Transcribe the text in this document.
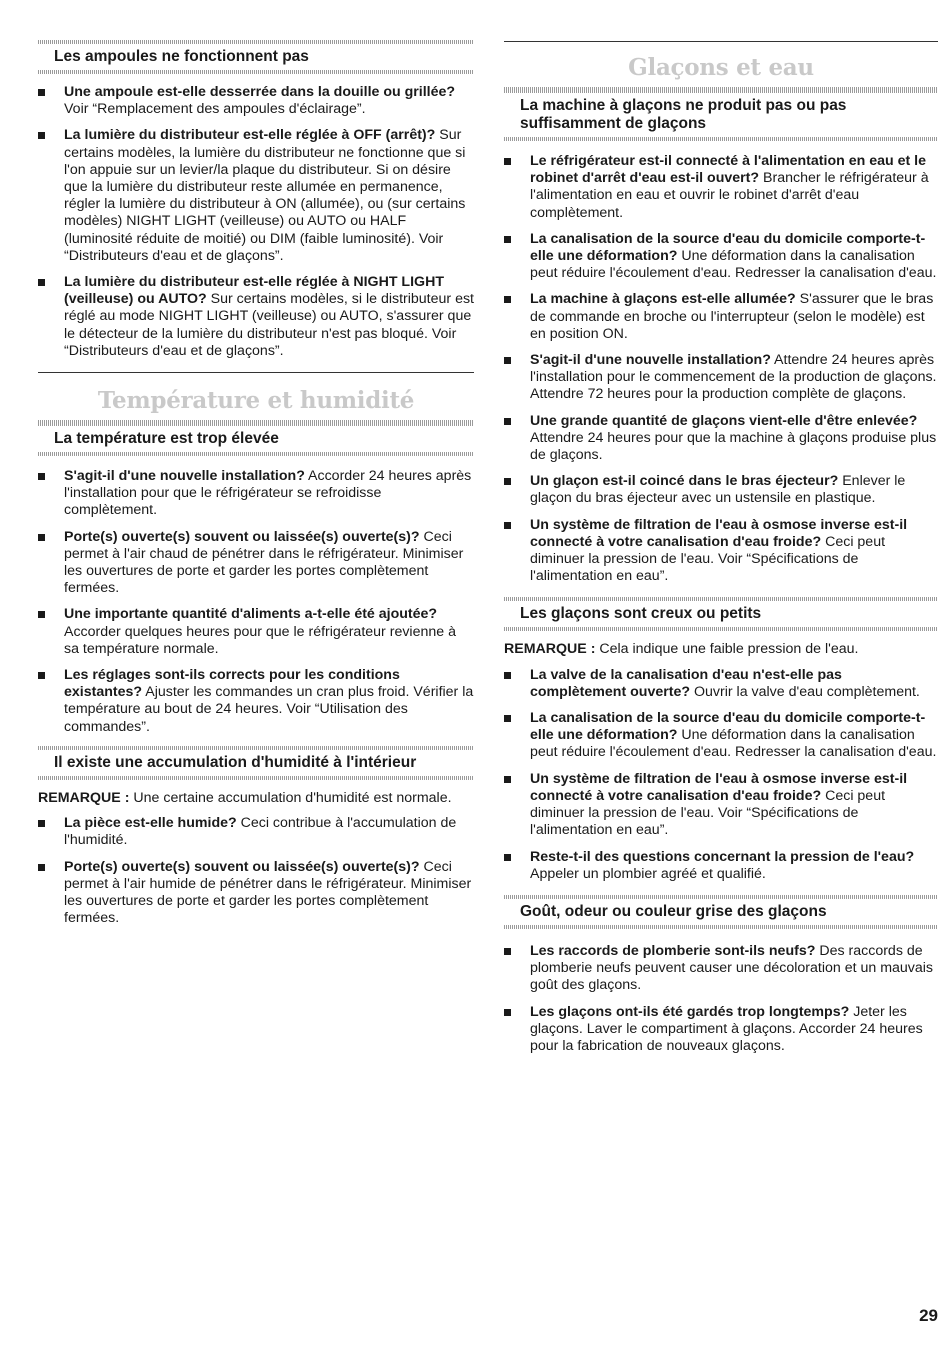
Les ampoules ne fonctionnent pas
Une ampoule est-elle desserrée dans la douille ou grillée? Voir “Remplacement des ampoules d'éclairage”.
La lumière du distributeur est-elle réglée à OFF (arrêt)? Sur certains modèles, la lumière du distributeur ne fonctionne que si l'on appuie sur un levier/la plaque du distributeur. Si on désire que la lumière du distributeur reste allumée en permanence, régler la lumière du distributeur à ON (allumée), ou (sur certains modèles) NIGHT LIGHT (veilleuse) ou AUTO ou HALF (luminosité réduite de moitié) ou DIM (faible luminosité). Voir “Distributeurs d'eau et de glaçons”.
La lumière du distributeur est-elle réglée à NIGHT LIGHT (veilleuse) ou AUTO? Sur certains modèles, si le distributeur est réglé au mode NIGHT LIGHT (veilleuse) ou AUTO, s'assurer que le détecteur de la lumière du distributeur n'est pas bloqué. Voir “Distributeurs d'eau et de glaçons”.
Température et humidité
La température est trop élevée
S'agit-il d'une nouvelle installation? Accorder 24 heures après l'installation pour que le réfrigérateur se refroidisse complètement.
Porte(s) ouverte(s) souvent ou laissée(s) ouverte(s)? Ceci permet à l'air chaud de pénétrer dans le réfrigérateur. Minimiser les ouvertures de porte et garder les portes complètement fermées.
Une importante quantité d'aliments a-t-elle été ajoutée? Accorder quelques heures pour que le réfrigérateur revienne à sa température normale.
Les réglages sont-ils corrects pour les conditions existantes? Ajuster les commandes un cran plus froid. Vérifier la température au bout de 24 heures. Voir “Utilisation des commandes”.
Il existe une accumulation d'humidité à l'intérieur

REMARQUE : Une certaine accumulation d'humidité est normale.

La pièce est-elle humide? Ceci contribue à l'accumulation de l'humidité.
Porte(s) ouverte(s) souvent ou laissée(s) ouverte(s)? Ceci permet à l'air humide de pénétrer dans le réfrigérateur. Minimiser les ouvertures de porte et garder les portes complètement fermées.
Glaçons et eau
La machine à glaçons ne produit pas ou pas suffisamment de glaçons
Le réfrigérateur est-il connecté à l'alimentation en eau et le robinet d'arrêt d'eau est-il ouvert? Brancher le réfrigérateur à l'alimentation en eau et ouvrir le robinet d'arrêt d'eau complètement.
La canalisation de la source d'eau du domicile comporte-t-elle une déformation? Une déformation dans la canalisation peut réduire l'écoulement d'eau. Redresser la canalisation d'eau.
La machine à glaçons est-elle allumée? S'assurer que le bras de commande en broche ou l'interrupteur (selon le modèle) est en position ON.
S'agit-il d'une nouvelle installation? Attendre 24 heures après l'installation pour le commencement de la production de glaçons. Attendre 72 heures pour la production complète de glaçons.
Une grande quantité de glaçons vient-elle d'être enlevée? Attendre 24 heures pour que la machine à glaçons produise plus de glaçons.
Un glaçon est-il coincé dans le bras éjecteur? Enlever le glaçon du bras éjecteur avec un ustensile en plastique.
Un système de filtration de l'eau à osmose inverse est-il connecté à votre canalisation d'eau froide? Ceci peut diminuer la pression de l'eau. Voir “Spécifications de l'alimentation en eau”.
Les glaçons sont creux ou petits

REMARQUE : Cela indique une faible pression de l'eau.

La valve de la canalisation d'eau n'est-elle pas complètement ouverte? Ouvrir la valve d'eau complètement.
La canalisation de la source d'eau du domicile comporte-t-elle une déformation? Une déformation dans la canalisation peut réduire l'écoulement d'eau. Redresser la canalisation d'eau.
Un système de filtration de l'eau à osmose inverse est-il connecté à votre canalisation d'eau froide? Ceci peut diminuer la pression de l'eau. Voir “Spécifications de l'alimentation en eau”.
Reste-t-il des questions concernant la pression de l'eau? Appeler un plombier agréé et qualifié.
Goût, odeur ou couleur grise des glaçons
Les raccords de plomberie sont-ils neufs? Des raccords de plomberie neufs peuvent causer une décoloration et un mauvais goût des glaçons.
Les glaçons ont-ils été gardés trop longtemps? Jeter les glaçons. Laver le compartiment à glaçons. Accorder 24 heures pour la fabrication de nouveaux glaçons.
29
